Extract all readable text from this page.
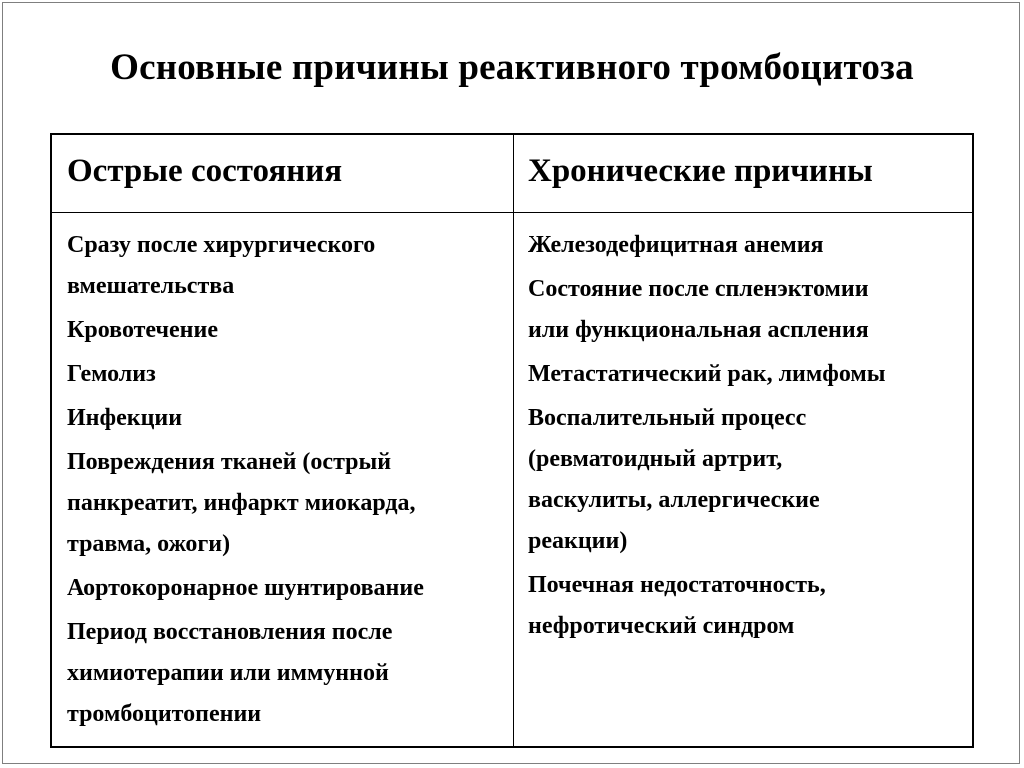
Основные причины реактивного тромбоцитоза
Острые состояния	Хронические причины
Сразу после хирургического
вмешательства
Кровотечение
Гемолиз
Инфекции
Повреждения тканей (острый
панкреатит, инфаркт миокарда,
травма, ожоги)
Аортокоронарное шунтирование
Период восстановления после
химиотерапии или иммунной
тромбоцитопении
Железодефицитная анемия
Состояние после спленэктомии
или функциональная аспления
Метастатический рак, лимфомы
Воспалительный процесс
(ревматоидный артрит,
васкулиты, аллергические
реакции)
Почечная недостаточность,
нефротический синдром
